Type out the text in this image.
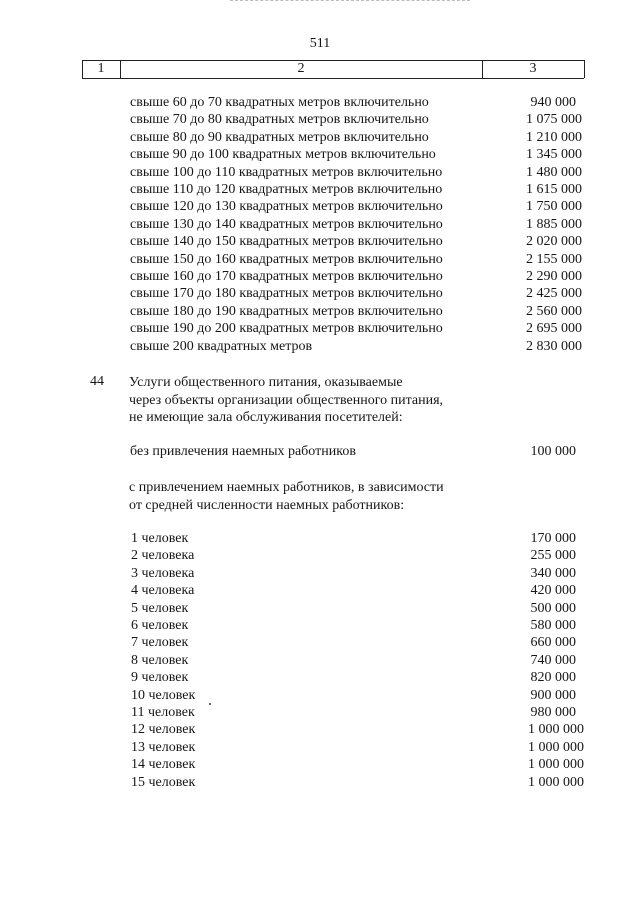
511
1	2	3
свыше 60 до 70 квадратных метров включительно	940 000
свыше 70 до 80 квадратных метров включительно	1 075 000
свыше 80 до 90 квадратных метров включительно	1 210 000
свыше 90 до 100 квадратных метров включительно	1 345 000
свыше 100 до 110 квадратных метров включительно	1 480 000
свыше 110 до 120 квадратных метров включительно	1 615 000
свыше 120 до 130 квадратных метров включительно	1 750 000
свыше 130 до 140 квадратных метров включительно	1 885 000
свыше 140 до 150 квадратных метров включительно	2 020 000
свыше 150 до 160 квадратных метров включительно	2 155 000
свыше 160 до 170 квадратных метров включительно	2 290 000
свыше 170 до 180 квадратных метров включительно	2 425 000
свыше 180 до 190 квадратных метров включительно	2 560 000
свыше 190 до 200 квадратных метров включительно	2 695 000
свыше 200 квадратных метров	2 830 000
44 Услуги общественного питания, оказываемые
через объекты организации общественного питания,
не имеющие зала обслуживания посетителей:
без привлечения наемных работников	100 000
с привлечением наемных работников, в зависимости
от средней численности наемных работников:
1 человек	170 000
2 человека	255 000
3 человека	340 000
4 человека	420 000
5 человек	500 000
6 человек	580 000
7 человек	660 000
8 человек	740 000
9 человек	820 000
10 человек	900 000
11 человек	980 000
12 человек	1 000 000
13 человек	1 000 000
14 человек	1 000 000
15 человек	1 000 000
